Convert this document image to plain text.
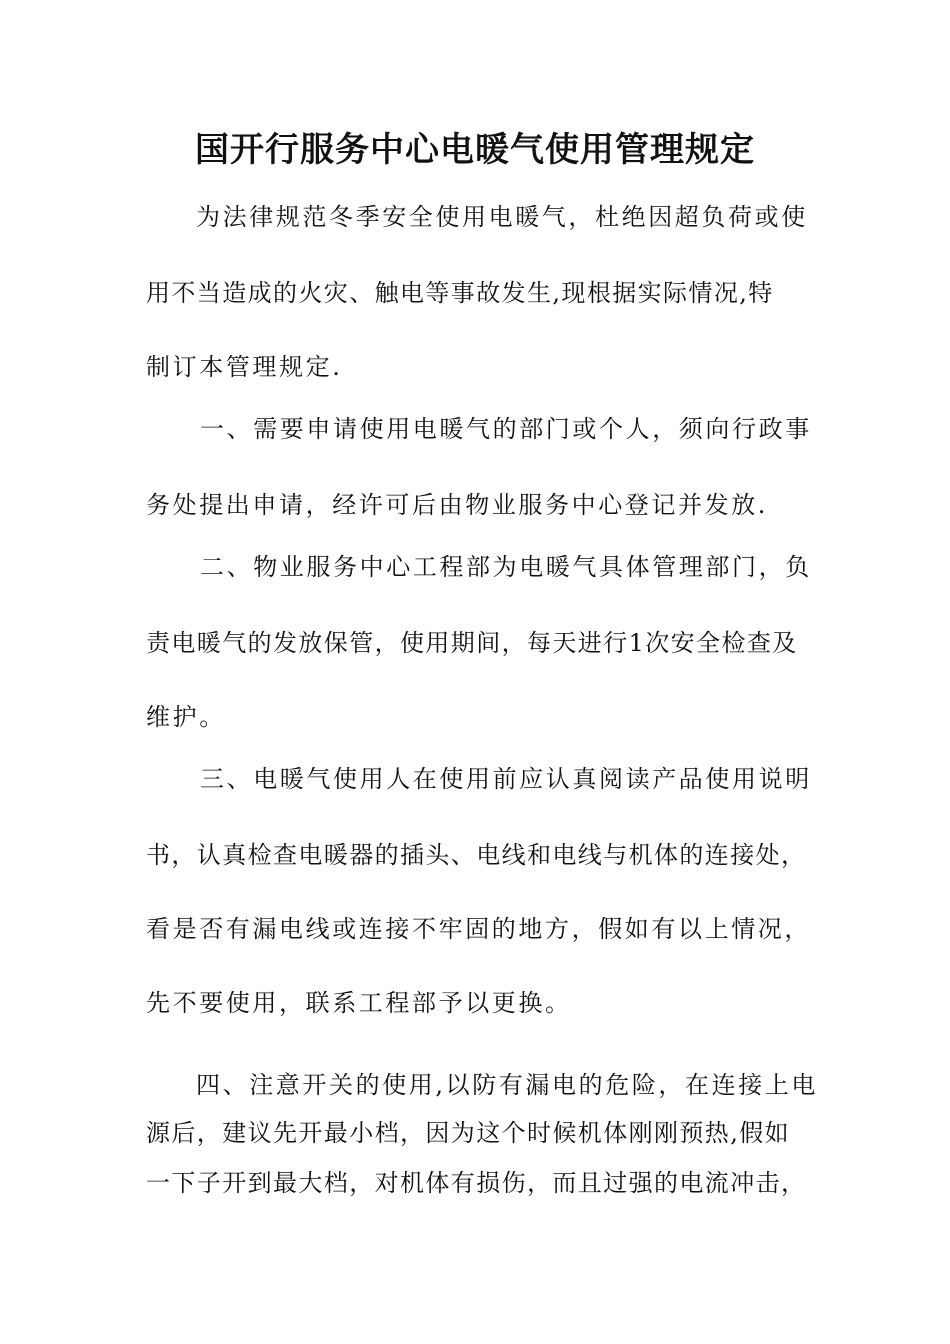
国开行服务中心电暖气使用管理规定
为法律规范冬季安全使用电暖气，杜绝因超负荷或使
用不当造成的火灾、触电等事故发生,现根据实际情况,特
制订本管理规定.
一、需要申请使用电暖气的部门或个人，须向行政事
务处提出申请，经许可后由物业服务中心登记并发放.
二、物业服务中心工程部为电暖气具体管理部门，负
责电暖气的发放保管，使用期间，每天进行1次安全检查及
维护。
三、电暖气使用人在使用前应认真阅读产品使用说明
书，认真检查电暖器的插头、电线和电线与机体的连接处，
看是否有漏电线或连接不牢固的地方，假如有以上情况，
先不要使用，联系工程部予以更换。
四、注意开关的使用,以防有漏电的危险，在连接上电
源后，建议先开最小档，因为这个时候机体刚刚预热,假如
一下子开到最大档，对机体有损伤，而且过强的电流冲击，
